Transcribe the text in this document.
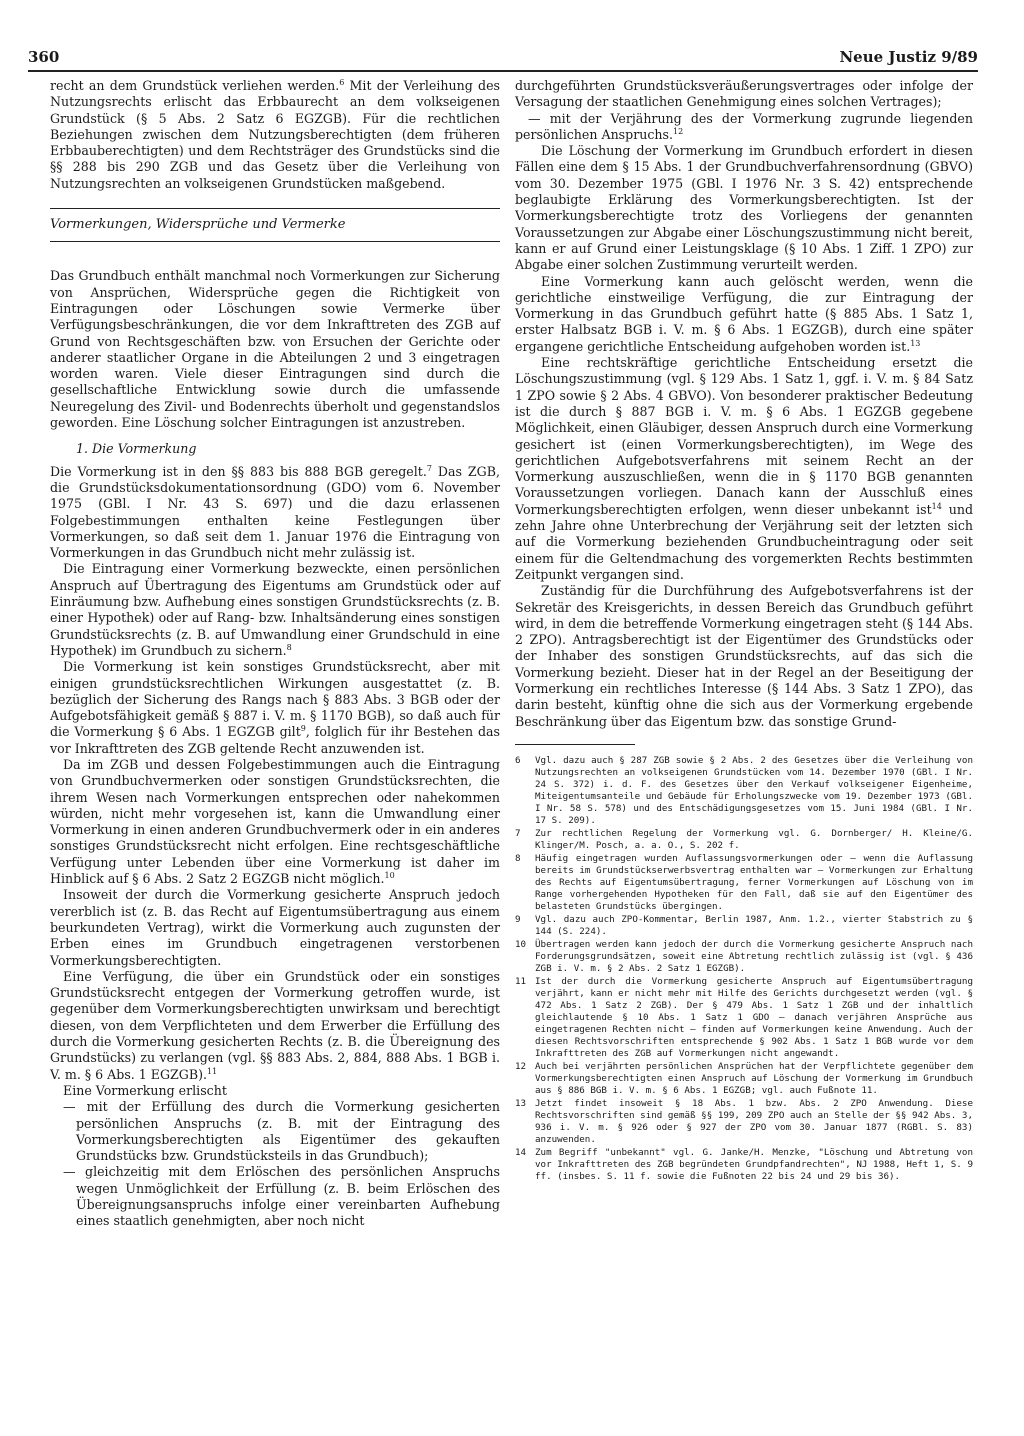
360	Neue Justiz 9/89

recht an dem Grundstück verliehen werden.$^6$ Mit der Verleihung des Nutzungsrechts erlischt das Erbbaurecht an dem volkseigenen Grundstück (§ 5 Abs. 2 Satz 6 EGZGB). Für die rechtlichen Beziehungen zwischen dem Nutzungsberechtigten (dem früheren Erbbauberechtigten) und dem Rechtsträger des Grundstücks sind die §§ 288 bis 290 ZGB und das Gesetz über die Verleihung von Nutzungsrechten an volkseigenen Grundstücken maßgebend.

Vormerkungen, Widersprüche und Vermerke

Das Grundbuch enthält manchmal noch Vormerkungen zur Sicherung von Ansprüchen, Widersprüche gegen die Richtigkeit von Eintragungen oder Löschungen sowie Vermerke über Verfügungsbeschränkungen, die vor dem Inkrafttreten des ZGB auf Grund von Rechtsgeschäften bzw. von Ersuchen der Gerichte oder anderer staatlicher Organe in die Abteilungen 2 und 3 eingetragen worden waren. Viele dieser Eintragungen sind durch die gesellschaftliche Entwicklung sowie durch die umfassende Neuregelung des Zivil- und Bodenrechts überholt und gegenstandslos geworden. Eine Löschung solcher Eintragungen ist anzustreben.

1. Die Vormerkung

Die Vormerkung ist in den §§ 883 bis 888 BGB geregelt.$^7$ Das ZGB, die Grundstücksdokumentationsordnung (GDO) vom 6. November 1975 (GBl. I Nr. 43 S. 697) und die dazu erlassenen Folgebestimmungen enthalten keine Festlegungen über Vormerkungen, so daß seit dem 1. Januar 1976 die Eintragung von Vormerkungen in das Grundbuch nicht mehr zulässig ist.

Die Eintragung einer Vormerkung bezweckte, einen persönlichen Anspruch auf Übertragung des Eigentums am Grundstück oder auf Einräumung bzw. Aufhebung eines sonstigen Grundstücksrechts (z. B. einer Hypothek) oder auf Rang- bzw. Inhaltsänderung eines sonstigen Grundstücksrechts (z. B. auf Umwandlung einer Grundschuld in eine Hypothek) im Grundbuch zu sichern.$^8$

Die Vormerkung ist kein sonstiges Grundstücksrecht, aber mit einigen grundstücksrechtlichen Wirkungen ausgestattet (z. B. bezüglich der Sicherung des Rangs nach § 883 Abs. 3 BGB oder der Aufgebotsfähigkeit gemäß § 887 i. V. m. § 1170 BGB), so daß auch für die Vormerkung § 6 Abs. 1 EGZGB gilt$^9$, folglich für ihr Bestehen das vor Inkrafttreten des ZGB geltende Recht anzuwenden ist.

Da im ZGB und dessen Folgebestimmungen auch die Eintragung von Grundbuchvermerken oder sonstigen Grundstücksrechten, die ihrem Wesen nach Vormerkungen entsprechen oder nahekommen würden, nicht mehr vorgesehen ist, kann die Umwandlung einer Vormerkung in einen anderen Grundbuchvermerk oder in ein anderes sonstiges Grundstücksrecht nicht erfolgen. Eine rechtsgeschäftliche Verfügung unter Lebenden über eine Vormerkung ist daher im Hinblick auf § 6 Abs. 2 Satz 2 EGZGB nicht möglich.$^{10}$

Insoweit der durch die Vormerkung gesicherte Anspruch jedoch vererblich ist (z. B. das Recht auf Eigentumsübertragung aus einem beurkundeten Vertrag), wirkt die Vormerkung auch zugunsten der Erben eines im Grundbuch eingetragenen verstorbenen Vormerkungsberechtigten.

Eine Verfügung, die über ein Grundstück oder ein sonstiges Grundstücksrecht entgegen der Vormerkung getroffen wurde, ist gegenüber dem Vormerkungsberechtigten unwirksam und berechtigt diesen, von dem Verpflichteten und dem Erwerber die Erfüllung des durch die Vormerkung gesicherten Rechts (z. B. die Übereignung des Grundstücks) zu verlangen (vgl. §§ 883 Abs. 2, 884, 888 Abs. 1 BGB i. V. m. § 6 Abs. 1 EGZGB).$^{11}$

Eine Vormerkung erlischt

— mit der Erfüllung des durch die Vormerkung gesicherten persönlichen Anspruchs (z. B. mit der Eintragung des Vormerkungsberechtigten als Eigentümer des gekauften Grundstücks bzw. Grundstücksteils in das Grundbuch);

— gleichzeitig mit dem Erlöschen des persönlichen Anspruchs wegen Unmöglichkeit der Erfüllung (z. B. beim Erlöschen des Übereignungsanspruchs infolge einer vereinbarten Aufhebung eines staatlich genehmigten, aber noch nicht

durchgeführten Grundstücksveräußerungsvertrages oder infolge der Versagung der staatlichen Genehmigung eines solchen Vertrages);

— mit der Verjährung des der Vormerkung zugrunde liegenden persönlichen Anspruchs.$^{12}$

Die Löschung der Vormerkung im Grundbuch erfordert in diesen Fällen eine dem § 15 Abs. 1 der Grundbuchverfahrensordnung (GBVO) vom 30. Dezember 1975 (GBl. I 1976 Nr. 3 S. 42) entsprechende beglaubigte Erklärung des Vormerkungsberechtigten. Ist der Vormerkungsberechtigte trotz des Vorliegens der genannten Voraussetzungen zur Abgabe einer Löschungszustimmung nicht bereit, kann er auf Grund einer Leistungsklage (§ 10 Abs. 1 Ziff. 1 ZPO) zur Abgabe einer solchen Zustimmung verurteilt werden.

Eine Vormerkung kann auch gelöscht werden, wenn die gerichtliche einstweilige Verfügung, die zur Eintragung der Vormerkung in das Grundbuch geführt hatte (§ 885 Abs. 1 Satz 1, erster Halbsatz BGB i. V. m. § 6 Abs. 1 EGZGB), durch eine später ergangene gerichtliche Entscheidung aufgehoben worden ist.$^{13}$

Eine rechtskräftige gerichtliche Entscheidung ersetzt die Löschungszustimmung (vgl. § 129 Abs. 1 Satz 1, ggf. i. V. m. § 84 Satz 1 ZPO sowie § 2 Abs. 4 GBVO). Von besonderer praktischer Bedeutung ist die durch § 887 BGB i. V. m. § 6 Abs. 1 EGZGB gegebene Möglichkeit, einen Gläubiger, dessen Anspruch durch eine Vormerkung gesichert ist (einen Vormerkungsberechtigten), im Wege des gerichtlichen Aufgebotsverfahrens mit seinem Recht an der Vormerkung auszuschließen, wenn die in § 1170 BGB genannten Voraussetzungen vorliegen. Danach kann der Ausschluß eines Vormerkungsberechtigten erfolgen, wenn dieser unbekannt ist$^{14}$ und zehn Jahre ohne Unterbrechung der Verjährung seit der letzten sich auf die Vormerkung beziehenden Grundbucheintragung oder seit einem für die Geltendmachung des vorgemerkten Rechts bestimmten Zeitpunkt vergangen sind.

Zuständig für die Durchführung des Aufgebotsverfahrens ist der Sekretär des Kreisgerichts, in dessen Bereich das Grundbuch geführt wird, in dem die betreffende Vormerkung eingetragen steht (§ 144 Abs. 2 ZPO). Antragsberechtigt ist der Eigentümer des Grundstücks oder der Inhaber des sonstigen Grundstücksrechts, auf das sich die Vormerkung bezieht. Dieser hat in der Regel an der Beseitigung der Vormerkung ein rechtliches Interesse (§ 144 Abs. 3 Satz 1 ZPO), das darin besteht, künftig ohne die sich aus der Vormerkung ergebende Beschränkung über das Eigentum bzw. das sonstige Grund-

6	Vgl. dazu auch § 287 ZGB sowie § 2 Abs. 2 des Gesetzes über die Verleihung von Nutzungsrechten an volkseigenen Grundstücken vom 14. Dezember 1970 (GBl. I Nr. 24 S. 372) i. d. F. des Gesetzes über den Verkauf volkseigener Eigenheime, Miteigentumsanteile und Gebäude für Erholungszwecke vom 19. Dezember 1973 (GBl. I Nr. 58 S. 578) und des Entschädigungsgesetzes vom 15. Juni 1984 (GBl. I Nr. 17 S. 209).
7	Zur rechtlichen Regelung der Vormerkung vgl. G. Dornberger/ H. Kleine/G. Klinger/M. Posch, a. a. O., S. 202 f.
8	Häufig eingetragen wurden Auflassungsvormerkungen oder – wenn die Auflassung bereits im Grundstückserwerbsvertrag enthalten war – Vormerkungen zur Erhaltung des Rechts auf Eigentumsübertragung, ferner Vormerkungen auf Löschung von im Range vorhergehenden Hypotheken für den Fall, daß sie auf den Eigentümer des belasteten Grundstücks übergingen.
9	Vgl. dazu auch ZPO-Kommentar, Berlin 1987, Anm. 1.2., vierter Stabstrich zu § 144 (S. 224).
10 Übertragen werden kann jedoch der durch die Vormerkung gesicherte Anspruch nach Forderungsgrundsätzen, soweit eine Abtretung rechtlich zulässig ist (vgl. § 436 ZGB i. V. m. § 2 Abs. 2 Satz 1 EGZGB).
11 Ist der durch die Vormerkung gesicherte Anspruch auf Eigentumsübertragung verjährt, kann er nicht mehr mit Hilfe des Gerichts durchgesetzt werden (vgl. § 472 Abs. 1 Satz 2 ZGB). Der § 479 Abs. 1 Satz 1 ZGB und der inhaltlich gleichlautende § 10 Abs. 1 Satz 1 GDO – danach verjähren Ansprüche aus eingetragenen Rechten nicht – finden auf Vormerkungen keine Anwendung. Auch der diesen Rechtsvorschriften entsprechende § 902 Abs. 1 Satz 1 BGB wurde vor dem Inkrafttreten des ZGB auf Vormerkungen nicht angewandt.
12 Auch bei verjährten persönlichen Ansprüchen hat der Verpflichtete gegenüber dem Vormerkungsberechtigten einen Anspruch auf Löschung der Vormerkung im Grundbuch aus § 886 BGB i. V. m. § 6 Abs. 1 EGZGB; vgl. auch Fußnote 11.
13 Jetzt findet insoweit § 18 Abs. 1 bzw. Abs. 2 ZPO Anwendung. Diese Rechtsvorschriften sind gemäß §§ 199, 209 ZPO auch an Stelle der §§ 942 Abs. 3, 936 i. V. m. § 926 oder § 927 der ZPO vom 30. Januar 1877 (RGBl. S. 83) anzuwenden.
14 Zum Begriff "unbekannt" vgl. G. Janke/H. Menzke, "Löschung und Abtretung von vor Inkrafttreten des ZGB begründeten Grundpfandrechten", NJ 1988, Heft 1, S. 9 ff. (insbes. S. 11 f. sowie die Fußnoten 22 bis 24 und 29 bis 36).
